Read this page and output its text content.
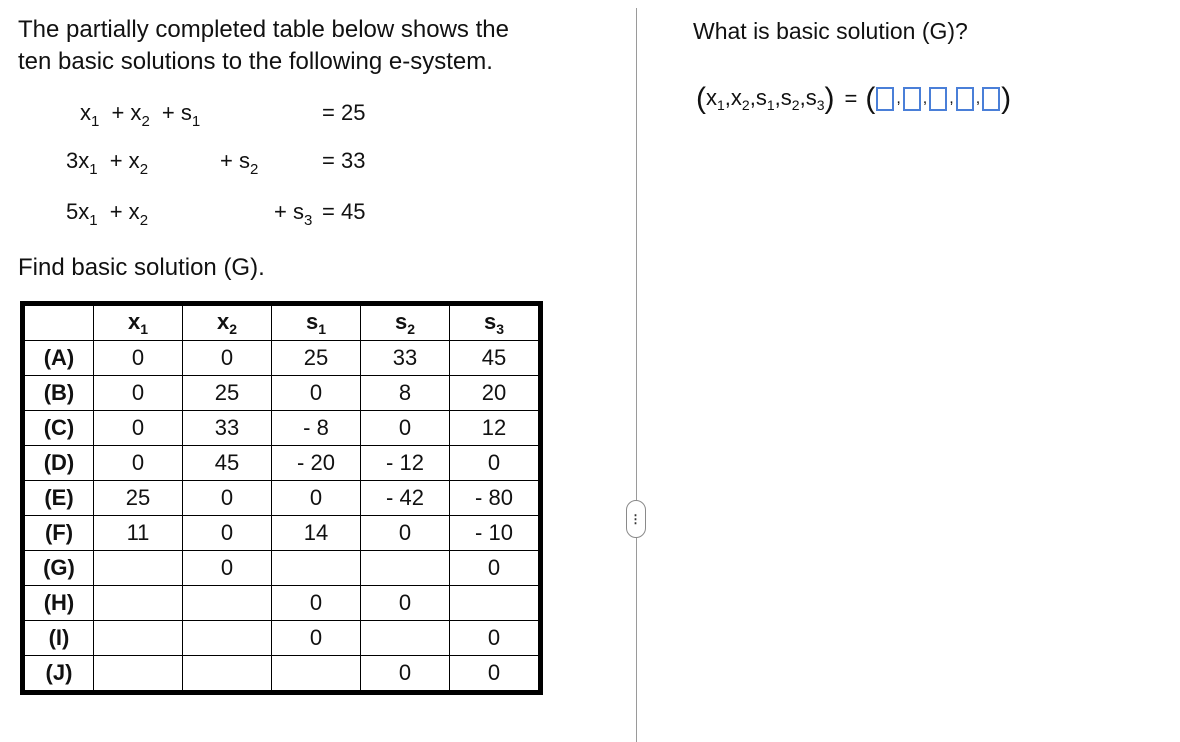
The partially completed table below shows the
ten basic solutions to the following e-system.
$x_1 + x_2 + s_1$	= 25
$3x_1 + x_2$	+ $s_2$	= 33
$5x_1 + x_2$	+ $s_3 = 45$
Find basic solution (G).
	$x_1$	$x_2$	$s_1$	$s_2$	$s_3$
(A)	0	0	25	33	45
(B)	0	25	0	8	20
(C)	0	33	- 8	0	12
(D)	0	45	- 20	- 12	0
(E)	25	0	0	- 42	- 80
(F)	11	0	14	0	- 10
(G)		0			0
(H)			0	0	
(I)			0		0
(J)				0	0
⋮
What is basic solution (G)?
( $x_1,x_2,s_1,s_2,s_3$ ) = ( , , , , )
